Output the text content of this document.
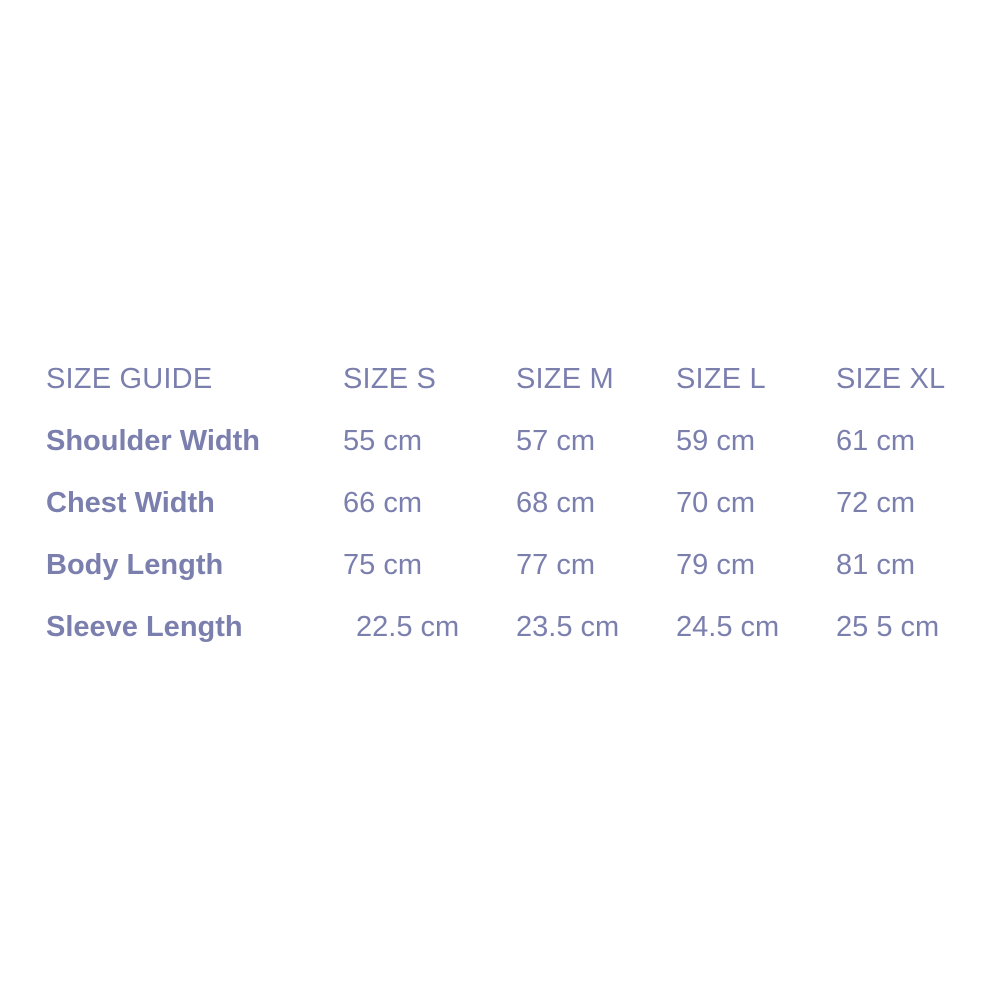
SIZE GUIDE	SIZE S	SIZE M	SIZE L	SIZE XL
Shoulder Width	55 cm	57 cm	59 cm	61 cm
Chest Width	66 cm	68 cm	70 cm	72 cm
Body Length	75 cm	77 cm	79 cm	81 cm
Sleeve Length	22.5 cm	23.5 cm	24.5 cm	25 5 cm
